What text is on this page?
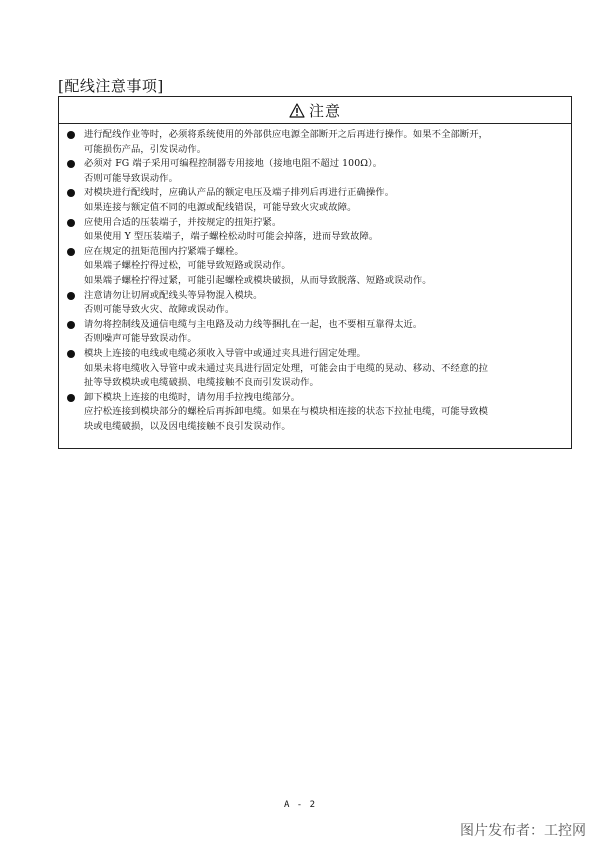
[配线注意事项]
注意
进行配线作业等时，必须将系统使用的外部供应电源全部断开之后再进行操作。如果不全部断开，
可能损伤产品，引发误动作。
必须对 FG 端子采用可编程控制器专用接地（接地电阻不超过 100Ω）。
否则可能导致误动作。
对模块进行配线时，应确认产品的额定电压及端子排列后再进行正确操作。
如果连接与额定值不同的电源或配线错误，可能导致火灾或故障。
应使用合适的压装端子，并按规定的扭矩拧紧。
如果使用 Y 型压装端子，端子螺栓松动时可能会掉落，进而导致故障。
应在规定的扭矩范围内拧紧端子螺栓。
如果端子螺栓拧得过松，可能导致短路或误动作。
如果端子螺栓拧得过紧，可能引起螺栓或模块破损，从而导致脱落、短路或误动作。
注意请勿让切屑或配线头等异物混入模块。
否则可能导致火灾、故障或误动作。
请勿将控制线及通信电缆与主电路及动力线等捆扎在一起，也不要相互靠得太近。
否则噪声可能导致误动作。
模块上连接的电线或电缆必须收入导管中或通过夹具进行固定处理。
如果未将电缆收入导管中或未通过夹具进行固定处理，可能会由于电缆的晃动、移动、不经意的拉
扯等导致模块或电缆破损、电缆接触不良而引发误动作。
卸下模块上连接的电缆时，请勿用手拉拽电缆部分。
应拧松连接到模块部分的螺栓后再拆卸电缆。如果在与模块相连接的状态下拉扯电缆，可能导致模
块或电缆破损，以及因电缆接触不良引发误动作。
A - 2
图片发布者：工控网
